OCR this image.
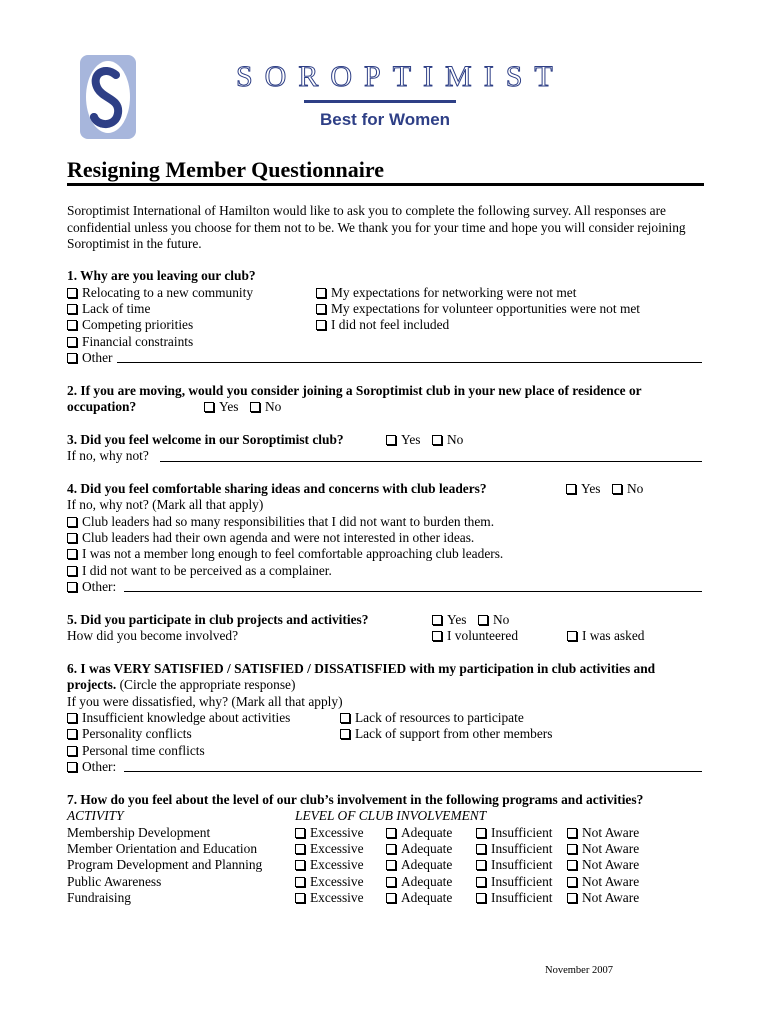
SOROPTIMIST
Best for Women
Resigning Member Questionnaire
Soroptimist International of Hamilton would like to ask you to complete the following survey. All responses are confidential unless you choose for them not to be. We thank you for your time and hope you will consider rejoining Soroptimist in the future.
1. Why are you leaving our club?
Relocating to a new community
Lack of time
Competing priorities
Financial constraints
Other
My expectations for networking were not met
My expectations for volunteer opportunities were not met
I did not feel included
2. If you are moving, would you consider joining a Soroptimist club in your new place of residence or
occupation?	Yes	No
3. Did you feel welcome in our Soroptimist club?	Yes	No
If no, why not?
4. Did you feel comfortable sharing ideas and concerns with club leaders?	Yes	No
If no, why not? (Mark all that apply)
Club leaders had so many responsibilities that I did not want to burden them.
Club leaders had their own agenda and were not interested in other ideas.
I was not a member long enough to feel comfortable approaching club leaders.
I did not want to be perceived as a complainer.
Other:
5. Did you participate in club projects and activities?	Yes	No
How did you become involved?	I volunteered	I was asked
6. I was VERY SATISFIED / SATISFIED / DISSATISFIED with my participation in club activities and
projects. (Circle the appropriate response)
If you were dissatisfied, why? (Mark all that apply)
Insufficient knowledge about activities
Personality conflicts
Personal time conflicts
Other:
Lack of resources to participate
Lack of support from other members
7. How do you feel about the level of our club’s involvement in the following programs and activities?
ACTIVITY	LEVEL OF CLUB INVOLVEMENT
Membership Development	Excessive	Adequate	Insufficient	Not Aware
Member Orientation and Education	Excessive	Adequate	Insufficient	Not Aware
Program Development and Planning	Excessive	Adequate	Insufficient	Not Aware
Public Awareness	Excessive	Adequate	Insufficient	Not Aware
Fundraising	Excessive	Adequate	Insufficient	Not Aware
November 2007
